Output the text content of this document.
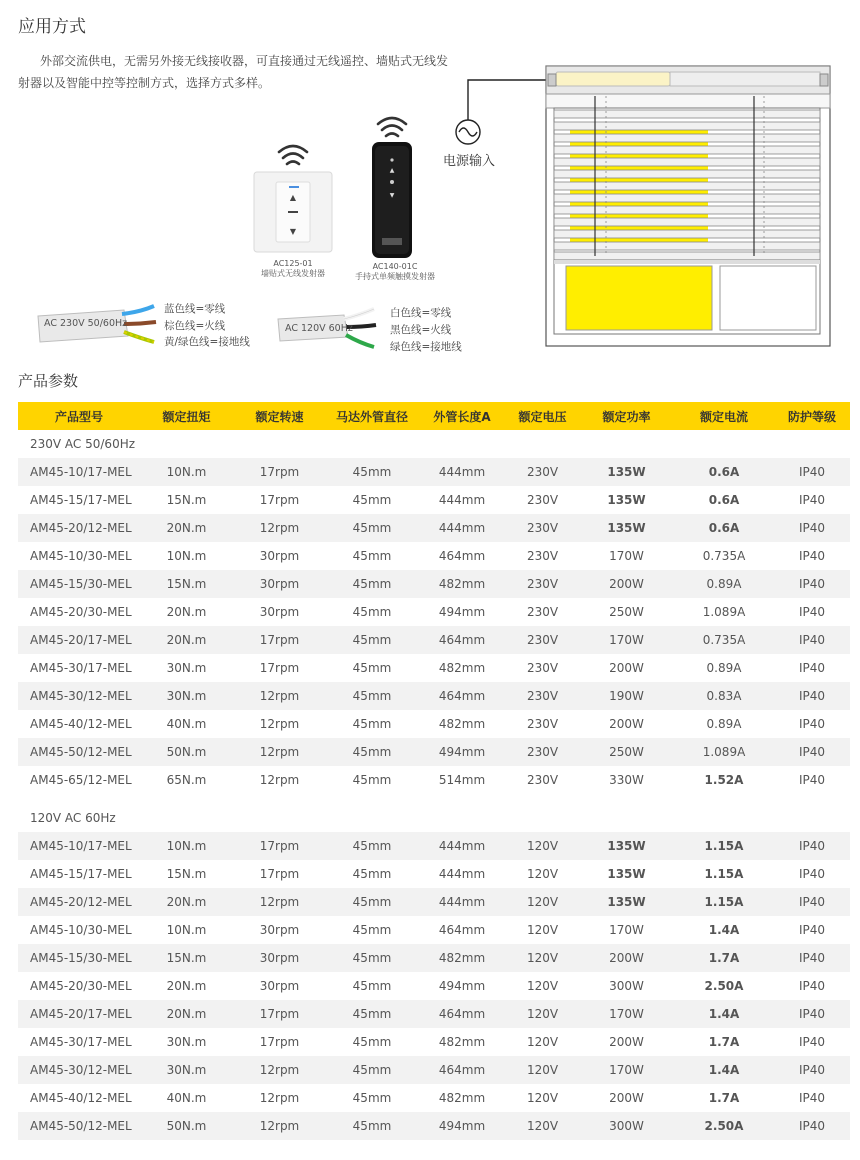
应用方式
外部交流供电，无需另外接无线接收器，可直接通过无线遥控、墙贴式无线发
射器以及智能中控等控制方式，选择方式多样。
▲
▼
AC125-01
墙贴式无线发射器
▲
▼
AC140-01C
手持式单频触摸发射器
电源输入
AC 230V 50/60Hz
蓝色线=零线
棕色线=火线
黄/绿色线=接地线
AC 120V 60Hz
白色线=零线
黑色线=火线
绿色线=接地线
产品参数
产品型号	额定扭矩	额定转速	马达外管直径	外管长度A	额定电压	额定功率	额定电流	防护等级
230V AC 50/60Hz								
AM45-10/17-MEL	10N.m	17rpm	45mm	444mm	230V	135W	0.6A	IP40
AM45-15/17-MEL	15N.m	17rpm	45mm	444mm	230V	135W	0.6A	IP40
AM45-20/12-MEL	20N.m	12rpm	45mm	444mm	230V	135W	0.6A	IP40
AM45-10/30-MEL	10N.m	30rpm	45mm	464mm	230V	170W	0.735A	IP40
AM45-15/30-MEL	15N.m	30rpm	45mm	482mm	230V	200W	0.89A	IP40
AM45-20/30-MEL	20N.m	30rpm	45mm	494mm	230V	250W	1.089A	IP40
AM45-20/17-MEL	20N.m	17rpm	45mm	464mm	230V	170W	0.735A	IP40
AM45-30/17-MEL	30N.m	17rpm	45mm	482mm	230V	200W	0.89A	IP40
AM45-30/12-MEL	30N.m	12rpm	45mm	464mm	230V	190W	0.83A	IP40
AM45-40/12-MEL	40N.m	12rpm	45mm	482mm	230V	200W	0.89A	IP40
AM45-50/12-MEL	50N.m	12rpm	45mm	494mm	230V	250W	1.089A	IP40
AM45-65/12-MEL	65N.m	12rpm	45mm	514mm	230V	330W	1.52A	IP40

120V AC 60Hz								
AM45-10/17-MEL	10N.m	17rpm	45mm	444mm	120V	135W	1.15A	IP40
AM45-15/17-MEL	15N.m	17rpm	45mm	444mm	120V	135W	1.15A	IP40
AM45-20/12-MEL	20N.m	12rpm	45mm	444mm	120V	135W	1.15A	IP40
AM45-10/30-MEL	10N.m	30rpm	45mm	464mm	120V	170W	1.4A	IP40
AM45-15/30-MEL	15N.m	30rpm	45mm	482mm	120V	200W	1.7A	IP40
AM45-20/30-MEL	20N.m	30rpm	45mm	494mm	120V	300W	2.50A	IP40
AM45-20/17-MEL	20N.m	17rpm	45mm	464mm	120V	170W	1.4A	IP40
AM45-30/17-MEL	30N.m	17rpm	45mm	482mm	120V	200W	1.7A	IP40
AM45-30/12-MEL	30N.m	12rpm	45mm	464mm	120V	170W	1.4A	IP40
AM45-40/12-MEL	40N.m	12rpm	45mm	482mm	120V	200W	1.7A	IP40
AM45-50/12-MEL	50N.m	12rpm	45mm	494mm	120V	300W	2.50A	IP40
